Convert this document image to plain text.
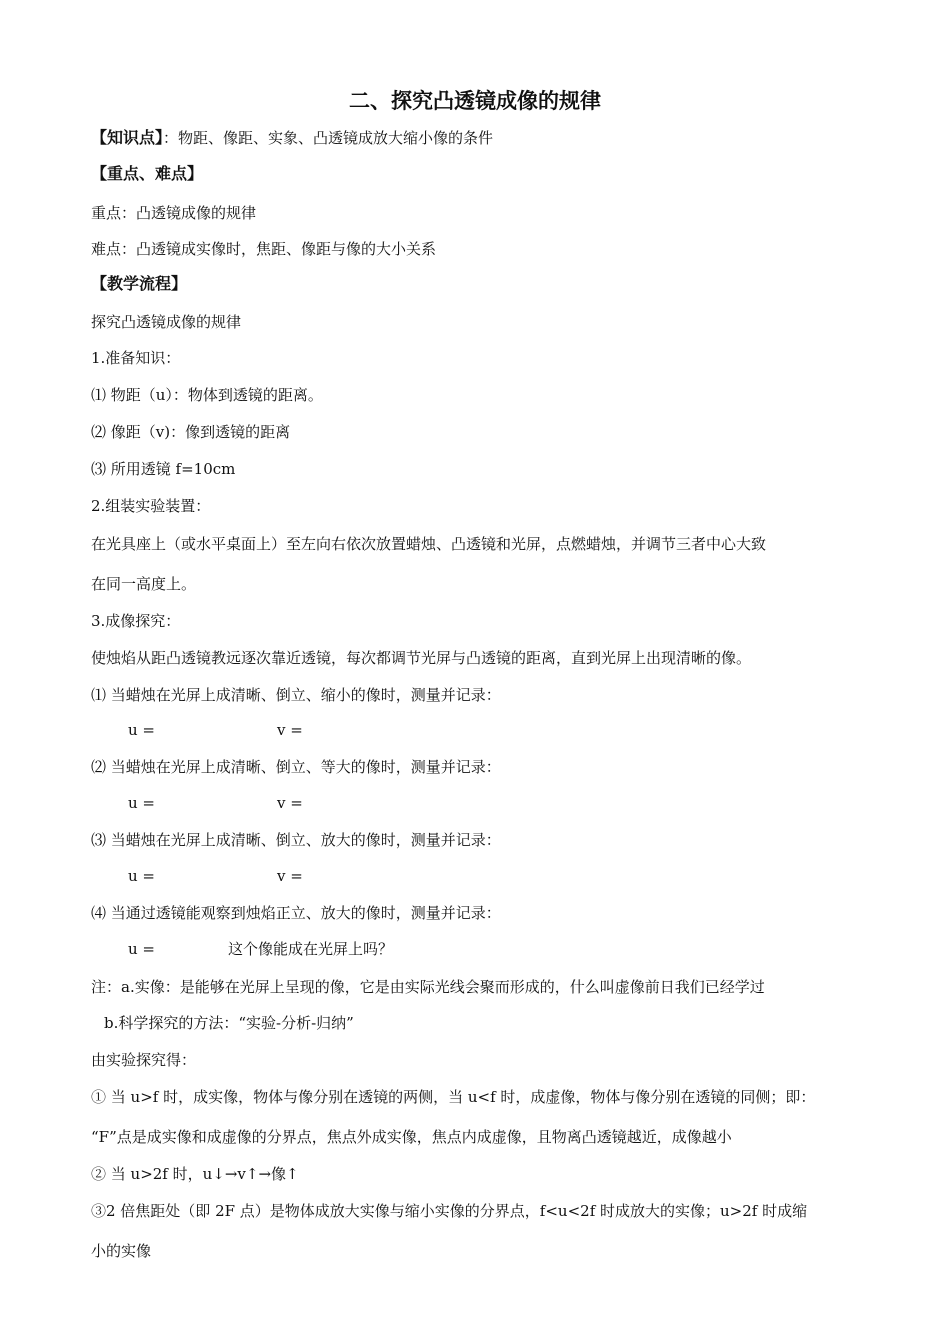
二、探究凸透镜成像的规律
【知识点】：物距、像距、实象、凸透镜成放大缩小像的条件
【重点、难点】
重点：凸透镜成像的规律
难点：凸透镜成实像时，焦距、像距与像的大小关系
【教学流程】
探究凸透镜成像的规律
1.准备知识：
⑴ 物距（u）：物体到透镜的距离。
⑵ 像距（v)：像到透镜的距离
⑶ 所用透镜 f=10cm
2.组装实验装置：
在光具座上（或水平桌面上）至左向右依次放置蜡烛、凸透镜和光屏，点燃蜡烛，并调节三者中心大致
在同一高度上。
3.成像探究：
使烛焰从距凸透镜教远逐次靠近透镜，每次都调节光屏与凸透镜的距离，直到光屏上出现清晰的像。
⑴ 当蜡烛在光屏上成清晰、倒立、缩小的像时，测量并记录：
u =	v =
⑵ 当蜡烛在光屏上成清晰、倒立、等大的像时，测量并记录：
u =	v =
⑶ 当蜡烛在光屏上成清晰、倒立、放大的像时，测量并记录：
u =	v =
⑷ 当通过透镜能观察到烛焰正立、放大的像时，测量并记录：
u =	这个像能成在光屏上吗？
注：a.实像：是能够在光屏上呈现的像，它是由实际光线会聚而形成的，什么叫虚像前日我们已经学过
b.科学探究的方法：“实验-分析-归纳”
由实验探究得：
① 当 u>f 时，成实像，物体与像分别在透镜的两侧，当 u<f 时，成虚像，物体与像分别在透镜的同侧；即：
“F”点是成实像和成虚像的分界点，焦点外成实像，焦点内成虚像，且物离凸透镜越近，成像越小
② 当 u>2f 时，u↓→v↑→像↑
③2 倍焦距处（即 2F 点）是物体成放大实像与缩小实像的分界点，f<u<2f 时成放大的实像；u>2f 时成缩
小的实像
